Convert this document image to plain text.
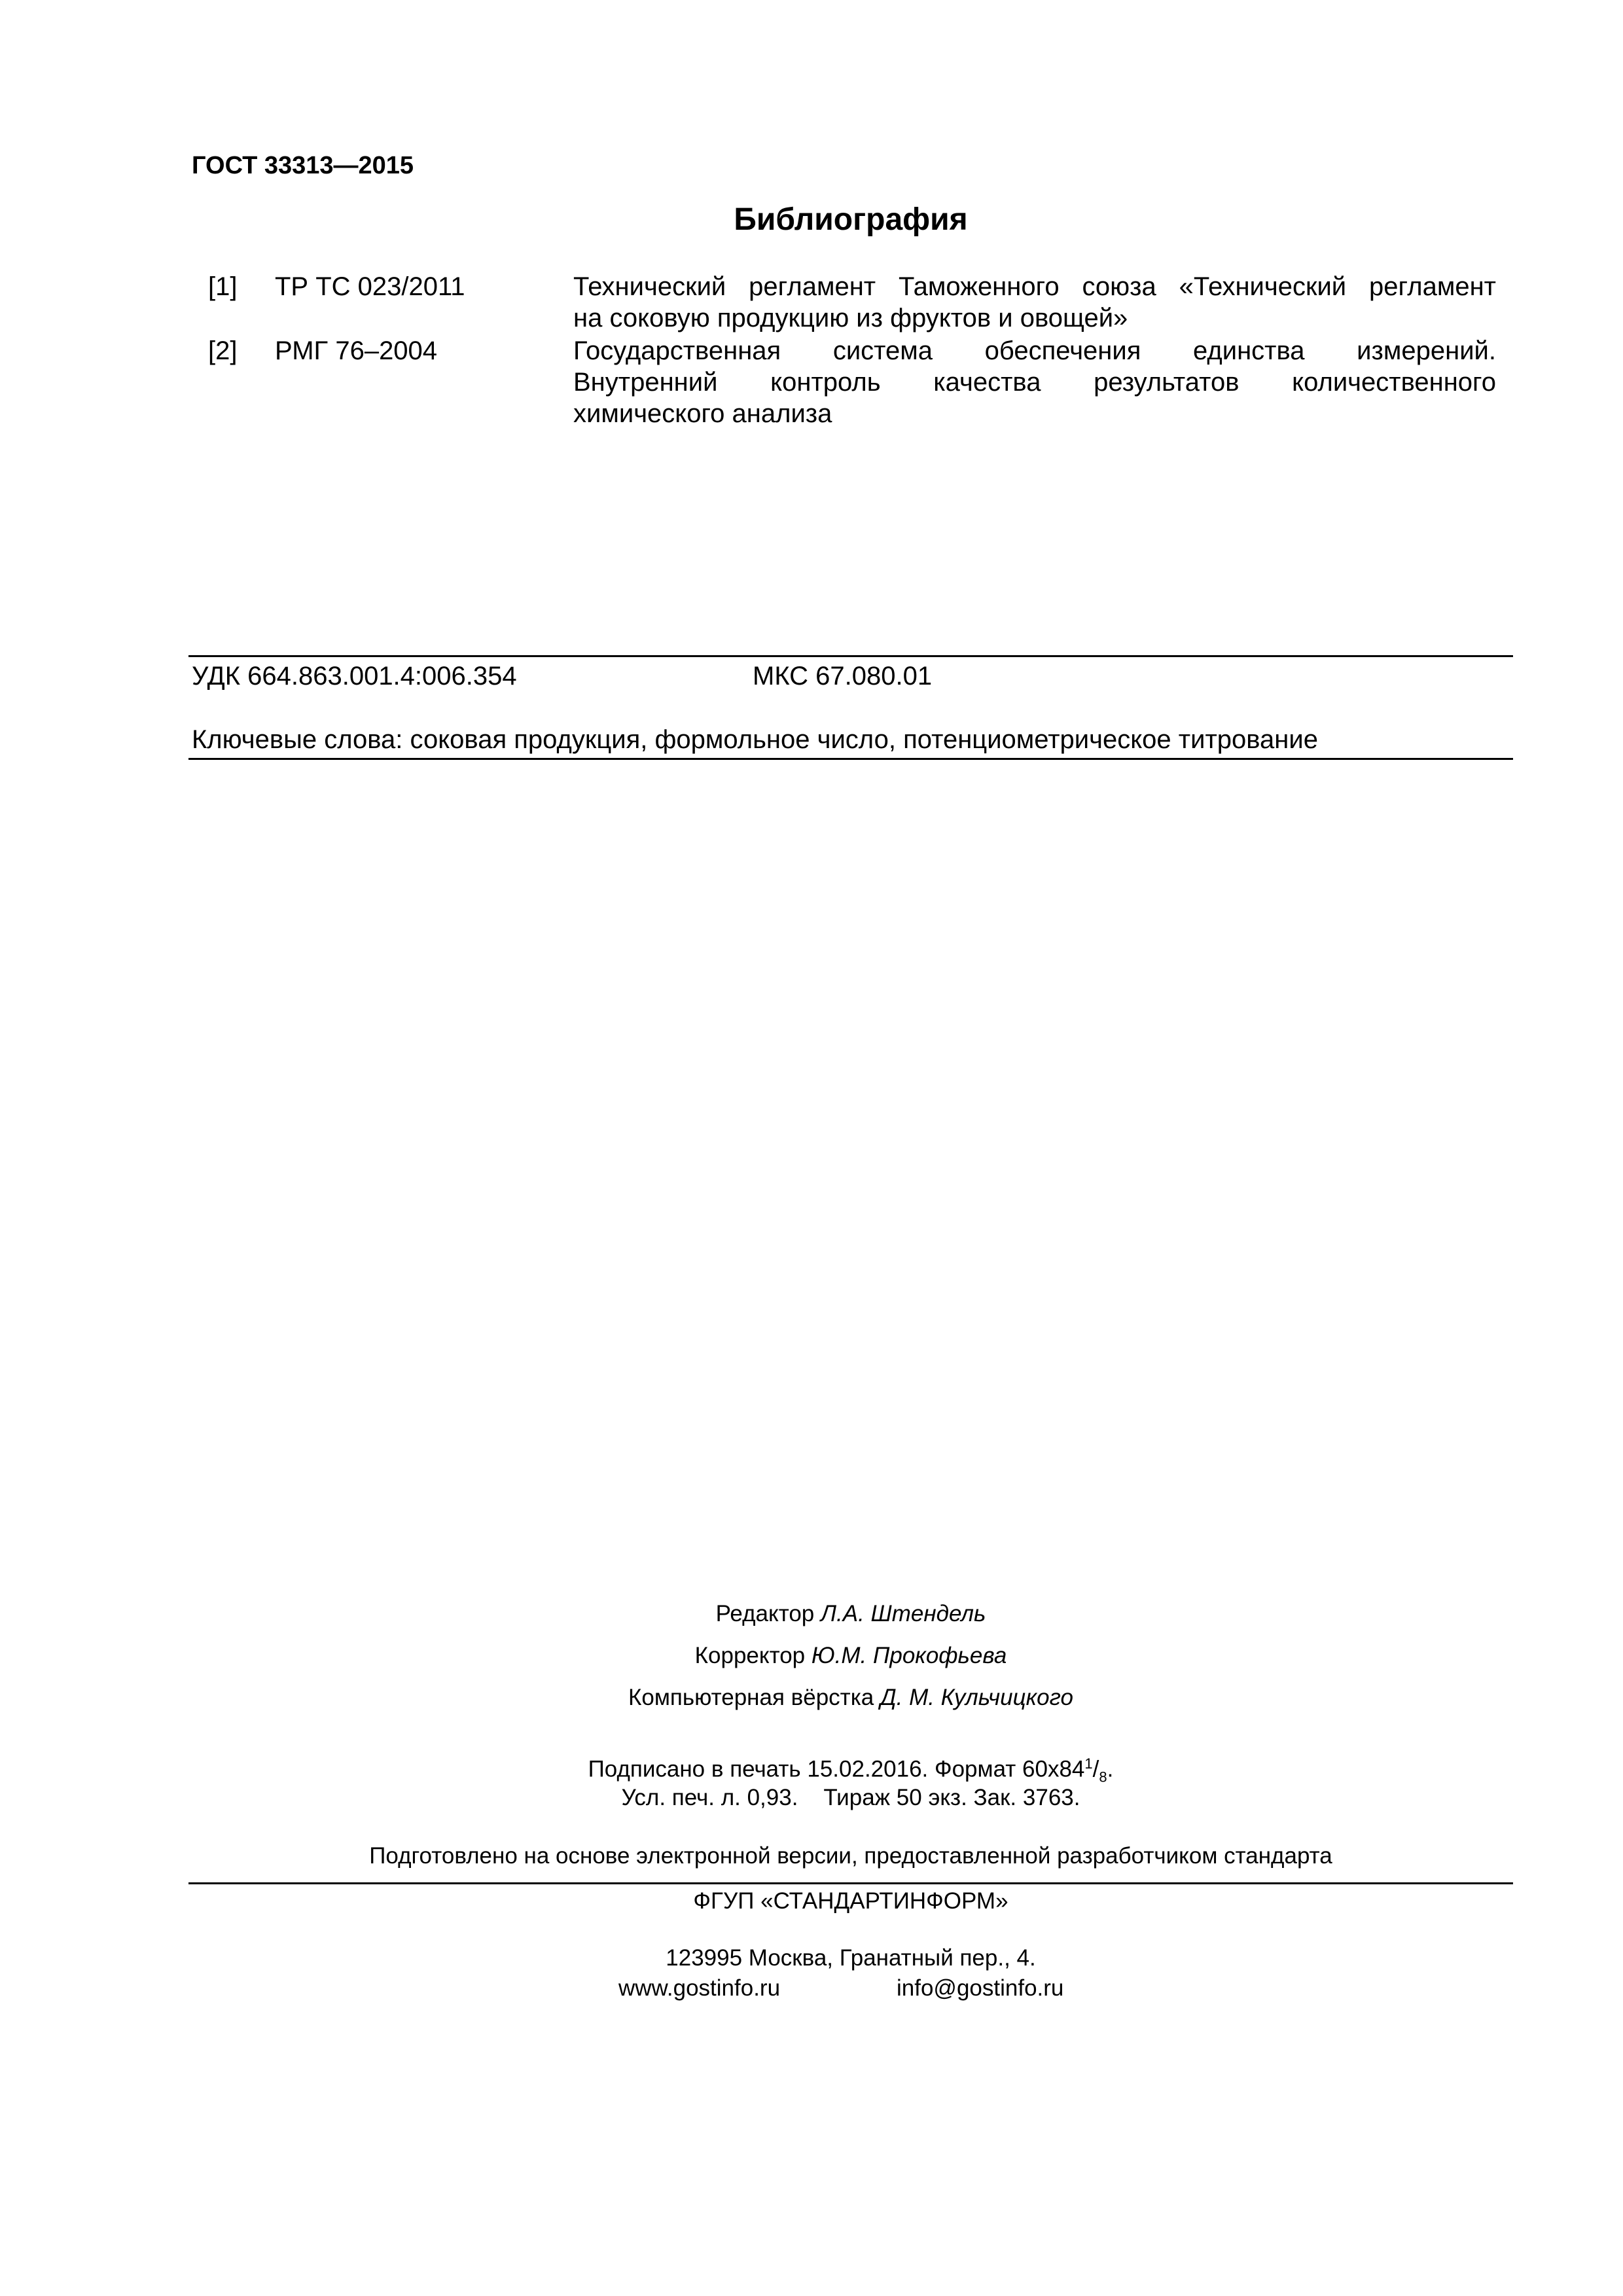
ГОСТ 33313—2015
Библиография
[1] ТР ТС 023/2011	Технический регламент Таможенного союза «Технический регламент
на соковую продукцию из фруктов и овощей»
[2] РМГ 76–2004	Государственная система обеспечения единства измерений.
Внутренний контроль качества результатов количественного
химического анализа
УДК 664.863.001.4:006.354	МКС 67.080.01
Ключевые слова: соковая продукция, формольное число, потенциометрическое титрование
Редактор Л.А. Штендель
Корректор Ю.М. Прокофьева
Компьютерная вёрстка Д. М. Кульчицкого
Подписано в печать 15.02.2016. Формат $60x84^1/_8$.
Усл. печ. л. 0,93. Тираж 50 экз. Зак. 3763.
Подготовлено на основе электронной версии, предоставленной разработчиком стандарта
ФГУП «СТАНДАРТИНФОРМ»
123995 Москва, Гранатный пер., 4.
www.gostinfo.ru	info@gostinfo.ru
